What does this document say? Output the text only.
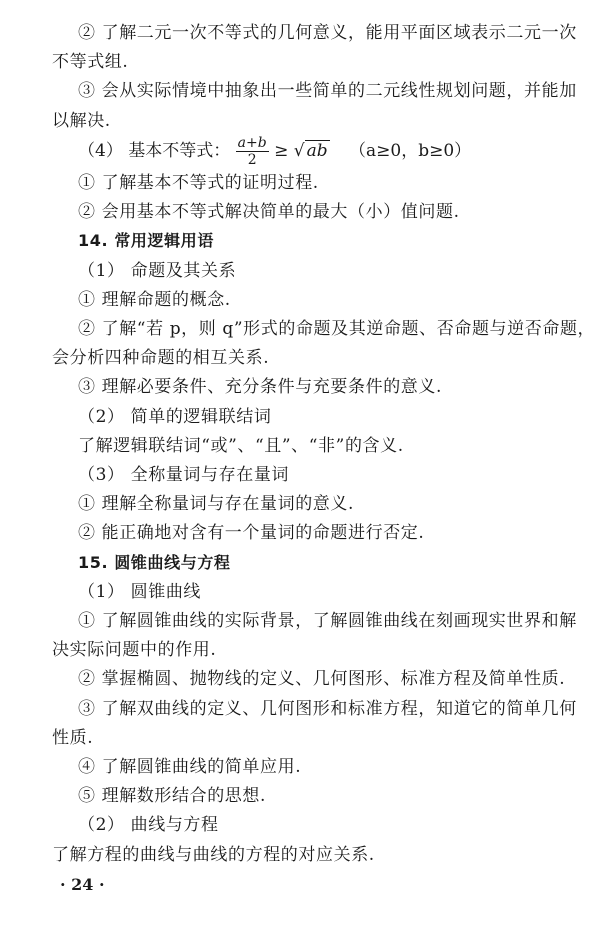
（4） 基本不等式： $\frac{a+b}{2}$ ≥ √ ab （a≥0，b≥0）
· 24 ·
② 了解二元一次不等式的几何意义，能用平面区域表示二元一次
不等式组.
③ 会从实际情境中抽象出一些简单的二元线性规划问题，并能加
以解决.
① 了解基本不等式的证明过程.
② 会用基本不等式解决简单的最大（小）值问题.
14. 常用逻辑用语
（1） 命题及其关系
① 理解命题的概念.
② 了解“若 p，则 q”形式的命题及其逆命题、否命题与逆否命题，
会分析四种命题的相互关系.
③ 理解必要条件、充分条件与充要条件的意义.
（2） 简单的逻辑联结词
了解逻辑联结词“或”、“且”、“非”的含义.
（3） 全称量词与存在量词
① 理解全称量词与存在量词的意义.
② 能正确地对含有一个量词的命题进行否定.
15. 圆锥曲线与方程
（1） 圆锥曲线
① 了解圆锥曲线的实际背景，了解圆锥曲线在刻画现实世界和解
决实际问题中的作用.
② 掌握椭圆、抛物线的定义、几何图形、标准方程及简单性质.
③ 了解双曲线的定义、几何图形和标准方程，知道它的简单几何
性质.
④ 了解圆锥曲线的简单应用.
⑤ 理解数形结合的思想.
（2） 曲线与方程
了解方程的曲线与曲线的方程的对应关系.
